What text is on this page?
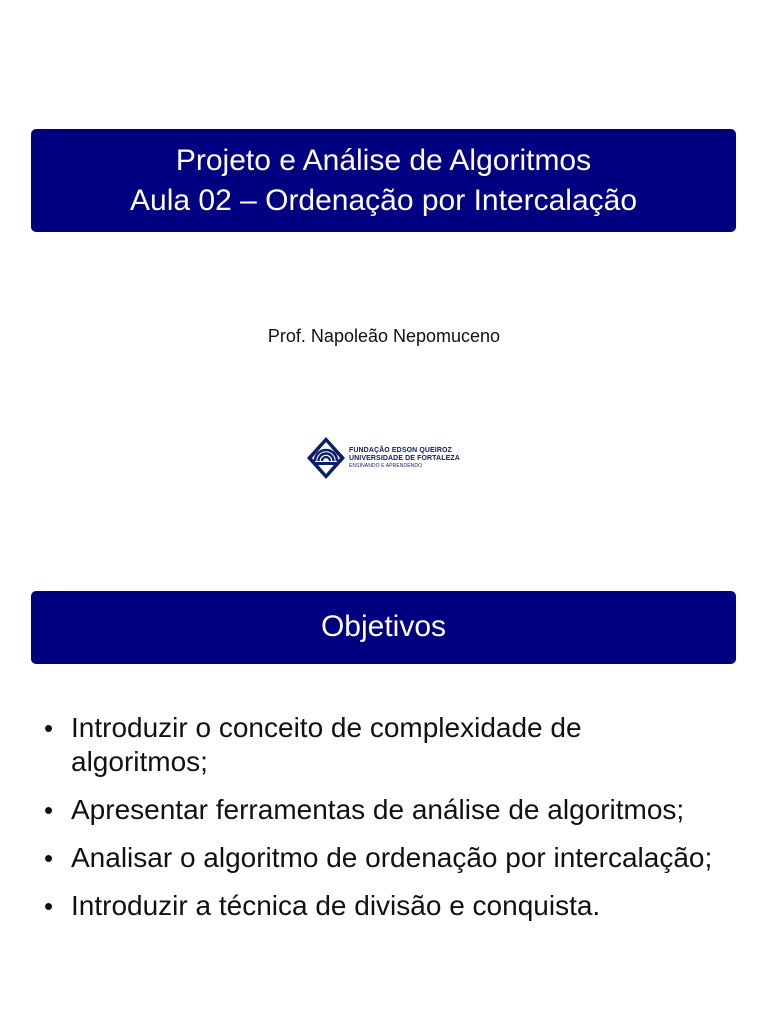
Projeto e Análise de Algoritmos
Aula 02 – Ordenação por Intercalação
Prof. Napoleão Nepomuceno
FUNDAÇÃO EDSON QUEIROZ
UNIVERSIDADE DE FORTALEZA
ENSINANDO E APRENDENDO
Objetivos
• Introduzir o conceito de complexidade de algoritmos;
• Apresentar ferramentas de análise de algoritmos;
• Analisar o algoritmo de ordenação por intercalação;
• Introduzir a técnica de divisão e conquista.
